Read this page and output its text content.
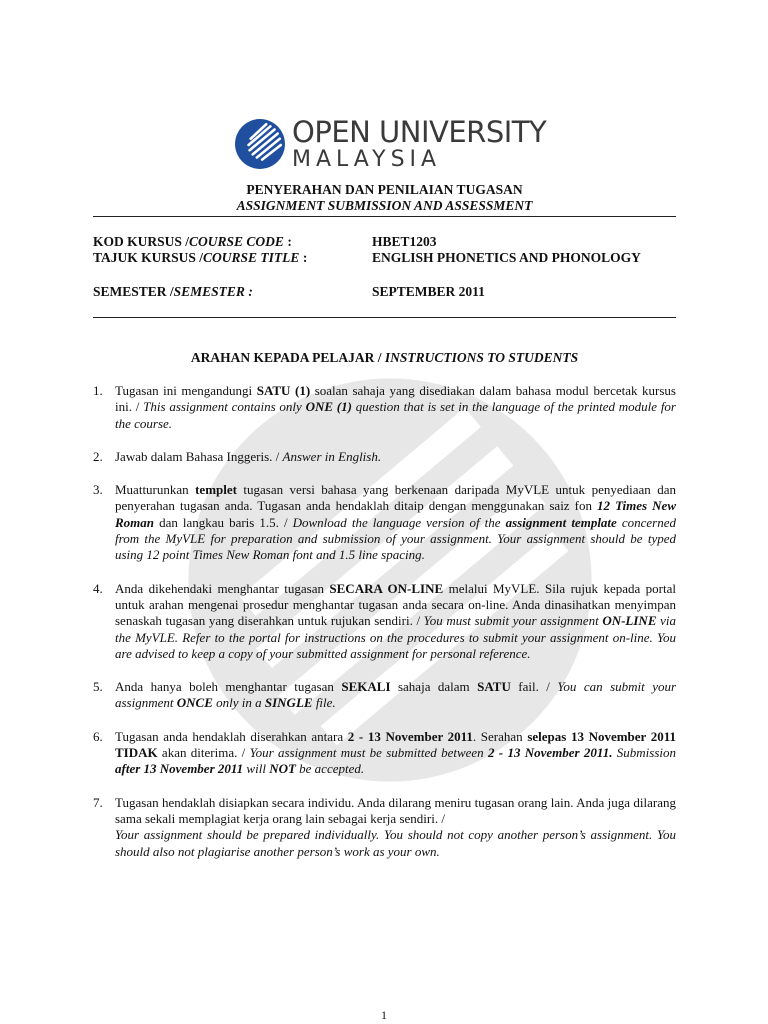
OPEN UNIVERSITY
MALAYSIA
PENYERAHAN DAN PENILAIAN TUGASAN
ASSIGNMENT SUBMISSION AND ASSESSMENT
KOD KURSUS /COURSE CODE :	HBET1203
TAJUK KURSUS /COURSE TITLE :	ENGLISH PHONETICS AND PHONOLOGY
SEMESTER /SEMESTER :	SEPTEMBER 2011
ARAHAN KEPADA PELAJAR / INSTRUCTIONS TO STUDENTS
1. Tugasan ini mengandungi SATU (1) soalan sahaja yang disediakan dalam bahasa modul bercetak kursus ini. / This assignment contains only ONE (1) question that is set in the language of the printed module for the course.
2. Jawab dalam Bahasa Inggeris. / Answer in English.
3. Muatturunkan templet tugasan versi bahasa yang berkenaan daripada MyVLE untuk penyediaan dan penyerahan tugasan anda. Tugasan anda hendaklah ditaip dengan menggunakan saiz fon 12 Times New Roman dan langkau baris 1.5. / Download the language version of the assignment template concerned from the MyVLE for preparation and submission of your assignment. Your assignment should be typed using 12 point Times New Roman font and 1.5 line spacing.
4. Anda dikehendaki menghantar tugasan SECARA ON-LINE melalui MyVLE. Sila rujuk kepada portal untuk arahan mengenai prosedur menghantar tugasan anda secara on-line. Anda dinasihatkan menyimpan senaskah tugasan yang diserahkan untuk rujukan sendiri. / You must submit your assignment ON-LINE via the MyVLE. Refer to the portal for instructions on the procedures to submit your assignment on-line. You are advised to keep a copy of your submitted assignment for personal reference.
5. Anda hanya boleh menghantar tugasan SEKALI sahaja dalam SATU fail. / You can submit your assignment ONCE only in a SINGLE file.
6. Tugasan anda hendaklah diserahkan antara 2 - 13 November 2011. Serahan selepas 13 November 2011 TIDAK akan diterima. / Your assignment must be submitted between 2 - 13 November 2011. Submission after 13 November 2011 will NOT be accepted.
7. Tugasan hendaklah disiapkan secara individu. Anda dilarang meniru tugasan orang lain. Anda juga dilarang sama sekali memplagiat kerja orang lain sebagai kerja sendiri. /
Your assignment should be prepared individually. You should not copy another person’s assignment. You should also not plagiarise another person’s work as your own.
1
